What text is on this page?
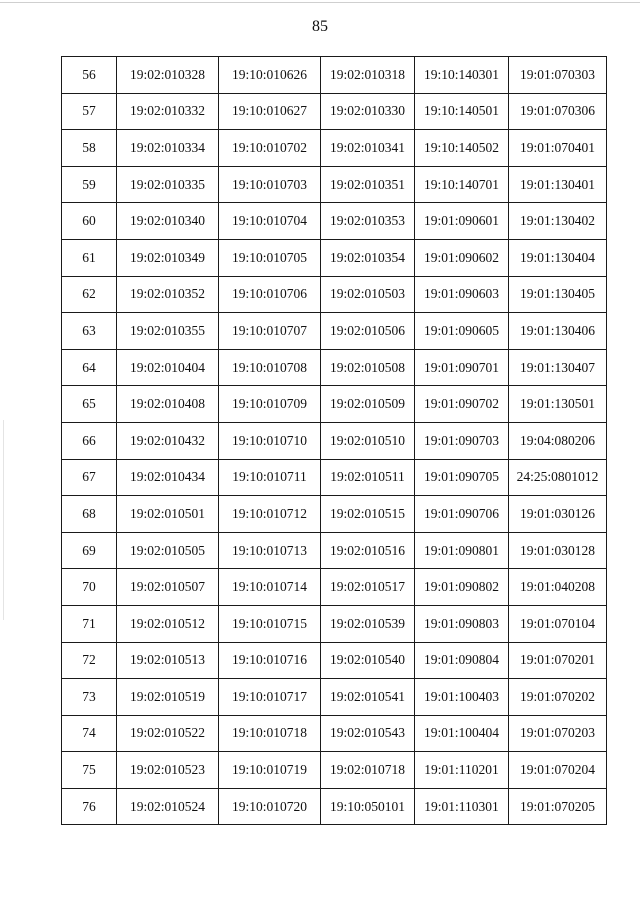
85
56	19:02:010328	19:10:010626	19:02:010318	19:10:140301	19:01:070303
57	19:02:010332	19:10:010627	19:02:010330	19:10:140501	19:01:070306
58	19:02:010334	19:10:010702	19:02:010341	19:10:140502	19:01:070401
59	19:02:010335	19:10:010703	19:02:010351	19:10:140701	19:01:130401
60	19:02:010340	19:10:010704	19:02:010353	19:01:090601	19:01:130402
61	19:02:010349	19:10:010705	19:02:010354	19:01:090602	19:01:130404
62	19:02:010352	19:10:010706	19:02:010503	19:01:090603	19:01:130405
63	19:02:010355	19:10:010707	19:02:010506	19:01:090605	19:01:130406
64	19:02:010404	19:10:010708	19:02:010508	19:01:090701	19:01:130407
65	19:02:010408	19:10:010709	19:02:010509	19:01:090702	19:01:130501
66	19:02:010432	19:10:010710	19:02:010510	19:01:090703	19:04:080206
67	19:02:010434	19:10:010711	19:02:010511	19:01:090705	24:25:0801012
68	19:02:010501	19:10:010712	19:02:010515	19:01:090706	19:01:030126
69	19:02:010505	19:10:010713	19:02:010516	19:01:090801	19:01:030128
70	19:02:010507	19:10:010714	19:02:010517	19:01:090802	19:01:040208
71	19:02:010512	19:10:010715	19:02:010539	19:01:090803	19:01:070104
72	19:02:010513	19:10:010716	19:02:010540	19:01:090804	19:01:070201
73	19:02:010519	19:10:010717	19:02:010541	19:01:100403	19:01:070202
74	19:02:010522	19:10:010718	19:02:010543	19:01:100404	19:01:070203
75	19:02:010523	19:10:010719	19:02:010718	19:01:110201	19:01:070204
76	19:02:010524	19:10:010720	19:10:050101	19:01:110301	19:01:070205
